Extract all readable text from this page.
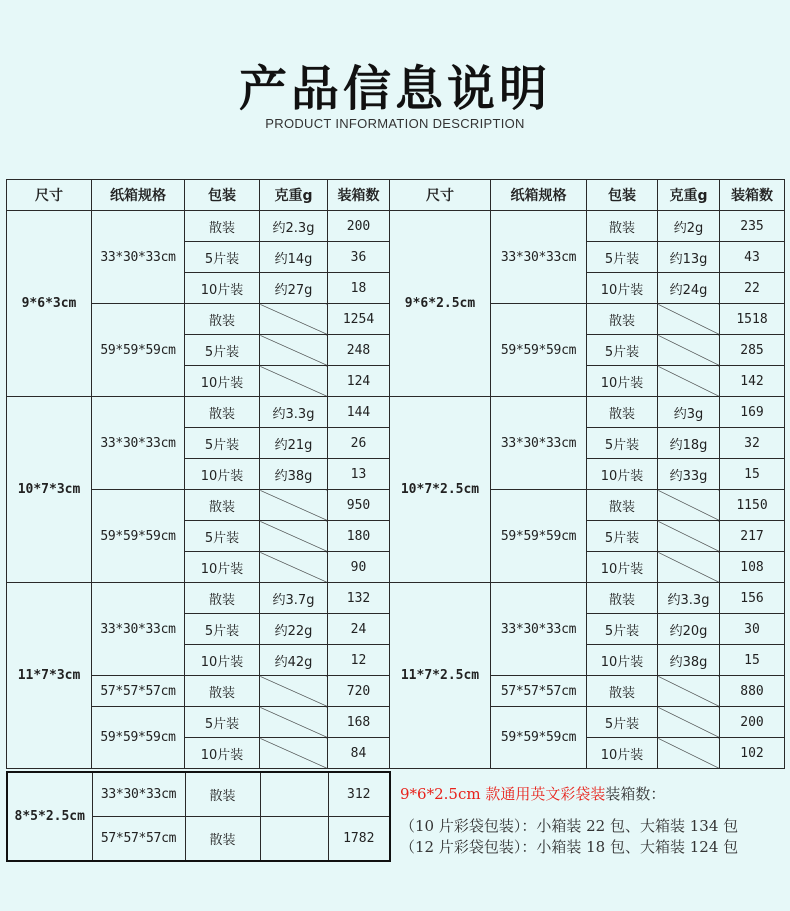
产品信息说明
PRODUCT INFORMATION DESCRIPTION
尺寸	纸箱规格	包装	克重g	装箱数	尺寸	纸箱规格	包装	克重g	装箱数
9*6*3cm	33*30*33cm	散装	约2.3g	200	9*6*2.5cm	33*30*33cm	散装	约2g	235
		5片装	约14g	36			5片装	约13g	43
		10片装	约27g	18			10片装	约24g	22
	59*59*59cm	散装		1254		59*59*59cm	散装		1518
		5片装		248			5片装		285
		10片装		124			10片装		142
10*7*3cm	33*30*33cm	散装	约3.3g	144	10*7*2.5cm	33*30*33cm	散装	约3g	169
		5片装	约21g	26			5片装	约18g	32
		10片装	约38g	13			10片装	约33g	15
	59*59*59cm	散装		950		59*59*59cm	散装		1150
		5片装		180			5片装		217
		10片装		90			10片装		108
11*7*3cm	33*30*33cm	散装	约3.7g	132	11*7*2.5cm	33*30*33cm	散装	约3.3g	156
		5片装	约22g	24			5片装	约20g	30
		10片装	约42g	12			10片装	约38g	15
	57*57*57cm	散装		720		57*57*57cm	散装		880
	59*59*59cm	5片装		168		59*59*59cm	5片装		200
		10片装		84			10片装		102
8*5*2.5cm	33*30*33cm	散装		312
	57*57*57cm	散装		1782
9*6*2.5cm 款通用英文彩袋装装箱数：
（10 片彩袋包装）：小箱装 22 包、大箱装 134 包
（12 片彩袋包装）：小箱装 18 包、大箱装 124 包
